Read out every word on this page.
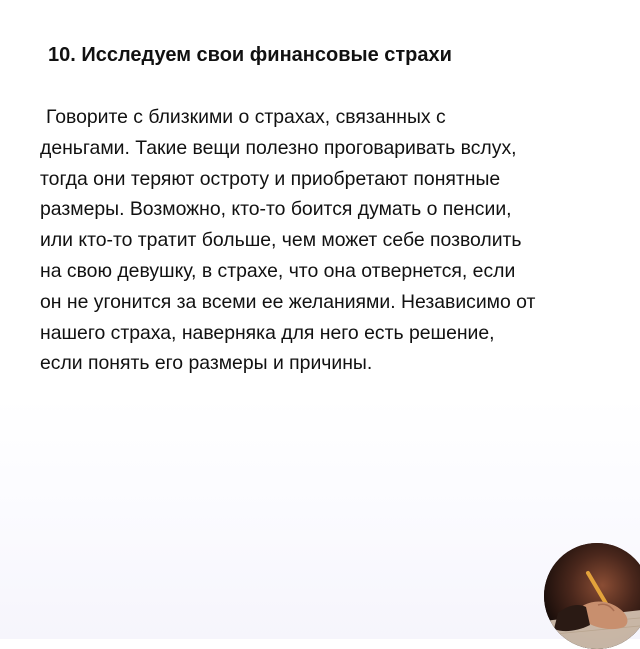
10. Исследуем свои финансовые страхи

Говорите с близкими о страхах, связанных с
деньгами. Такие вещи полезно проговаривать вслух,
тогда они теряют остроту и приобретают понятные
размеры. Возможно, кто-то боится думать о пенсии,
или кто-то тратит больше, чем может себе позволить
на свою девушку, в страхе, что она отвернется, если
он не угонится за всеми ее желаниями. Независимо от
нашего страха, наверняка для него есть решение,
если понять его размеры и причины.
